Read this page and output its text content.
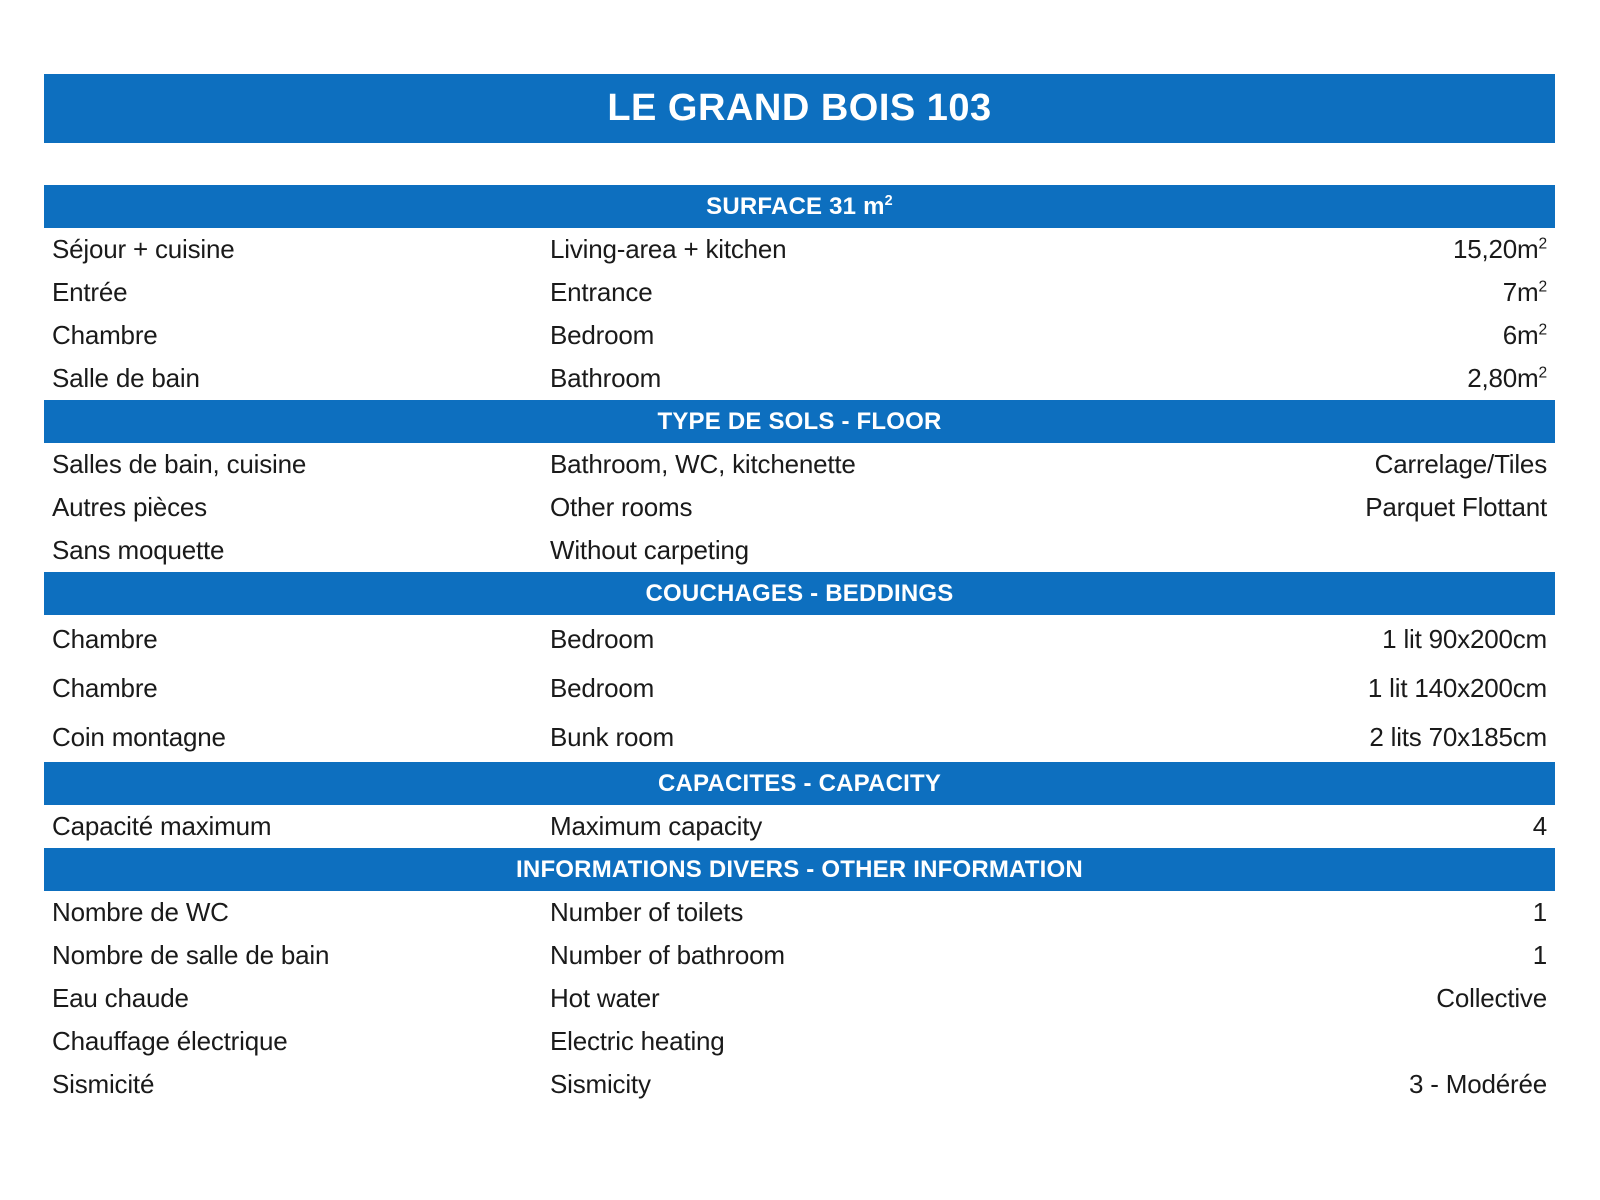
LE GRAND BOIS 103
SURFACE 31 $m^2$
Séjour + cuisine	Living-area + kitchen	$15,20m^2$
Entrée	Entrance	$7m^2$
Chambre	Bedroom	$6m^2$
Salle de bain	Bathroom	$2,80m^2$
TYPE DE SOLS - FLOOR
Salles de bain, cuisine	Bathroom, WC, kitchenette	Carrelage/Tiles
Autres pièces	Other rooms	Parquet Flottant
Sans moquette	Without carpeting
COUCHAGES - BEDDINGS
Chambre	Bedroom	1 lit 90x200cm
Chambre	Bedroom	1 lit 140x200cm
Coin montagne	Bunk room	2 lits 70x185cm
CAPACITES - CAPACITY
Capacité maximum	Maximum capacity	4
INFORMATIONS DIVERS - OTHER INFORMATION
Nombre de WC	Number of toilets	1
Nombre de salle de bain	Number of bathroom	1
Eau chaude	Hot water	Collective
Chauffage électrique	Electric heating
Sismicité	Sismicity	3 - Modérée
